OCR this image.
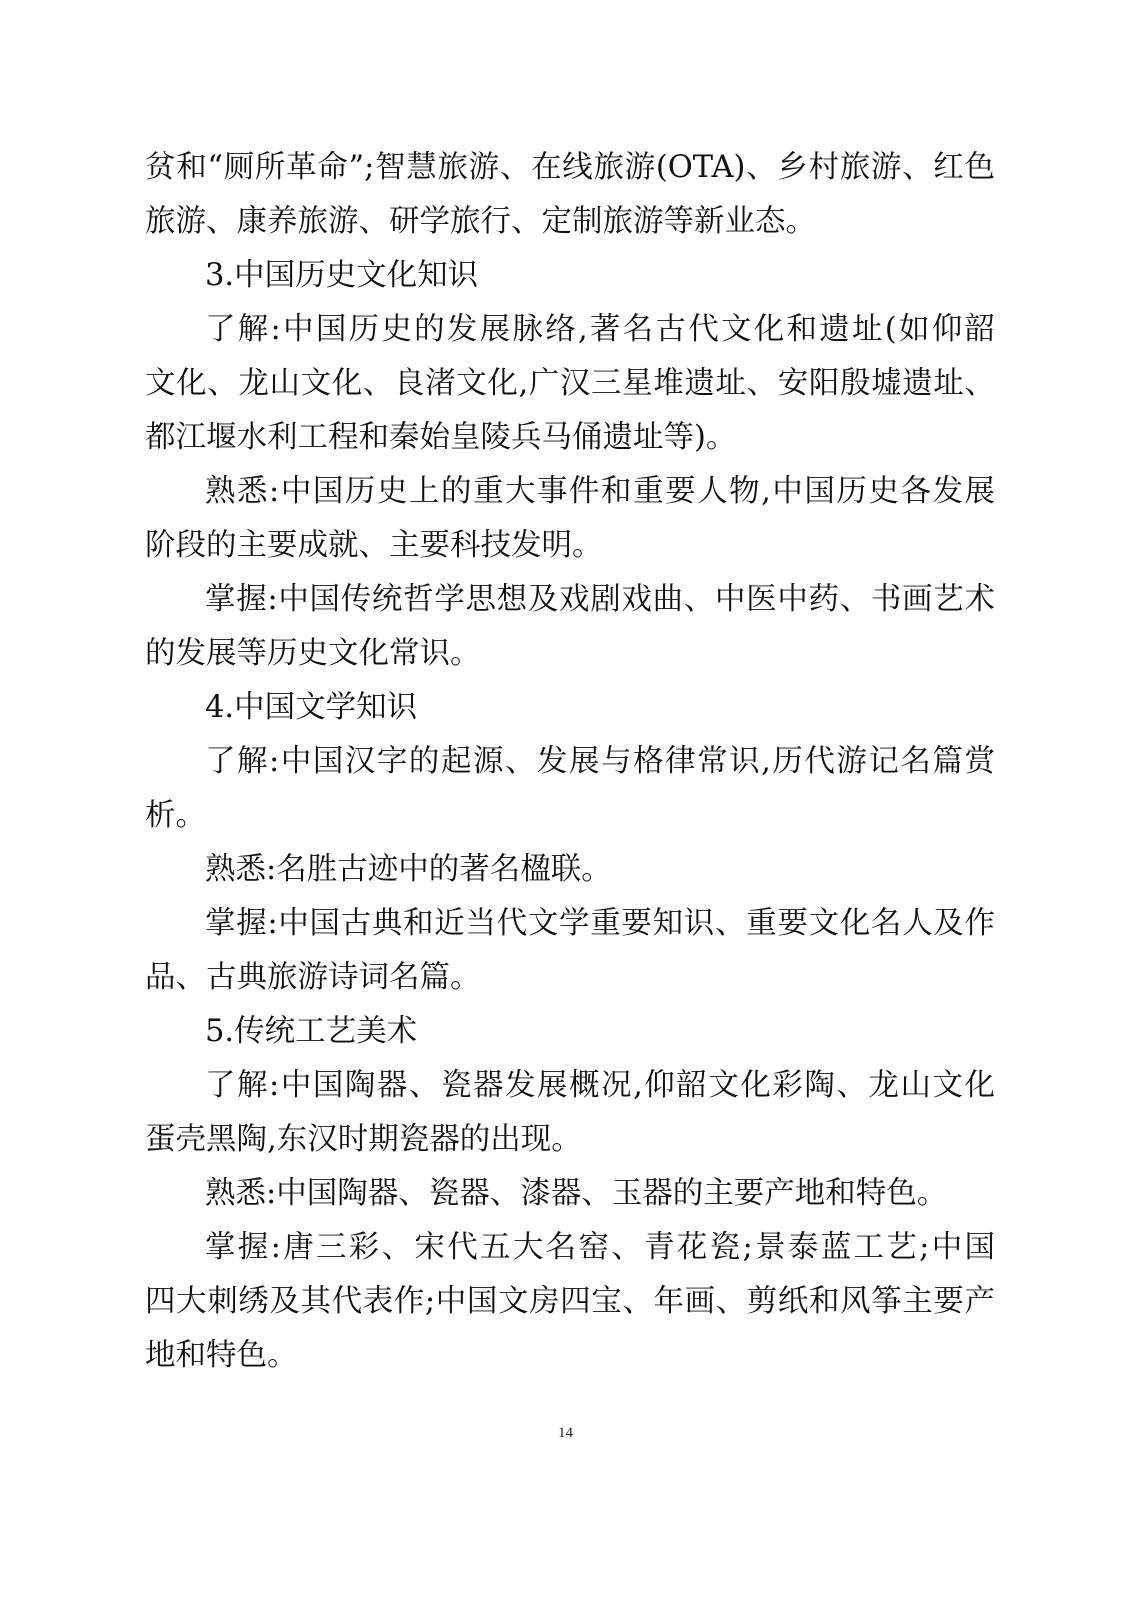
贫和“厕所革命”;智慧旅游、在线旅游(OTA)、乡村旅游、红色
旅游、康养旅游、研学旅行、定制旅游等新业态。
3.中国历史文化知识
了解:中国历史的发展脉络,著名古代文化和遗址(如仰韶
文化、龙山文化、良渚文化,广汉三星堆遗址、安阳殷墟遗址、
都江堰水利工程和秦始皇陵兵马俑遗址等)。
熟悉:中国历史上的重大事件和重要人物,中国历史各发展
阶段的主要成就、主要科技发明。
掌握:中国传统哲学思想及戏剧戏曲、中医中药、书画艺术
的发展等历史文化常识。
4.中国文学知识
了解:中国汉字的起源、发展与格律常识,历代游记名篇赏
析。
熟悉:名胜古迹中的著名楹联。
掌握:中国古典和近当代文学重要知识、重要文化名人及作
品、古典旅游诗词名篇。
5.传统工艺美术
了解:中国陶器、瓷器发展概况,仰韶文化彩陶、龙山文化
蛋壳黑陶,东汉时期瓷器的出现。
熟悉:中国陶器、瓷器、漆器、玉器的主要产地和特色。
掌握:唐三彩、宋代五大名窑、青花瓷;景泰蓝工艺;中国
四大刺绣及其代表作;中国文房四宝、年画、剪纸和风筝主要产
地和特色。
14
